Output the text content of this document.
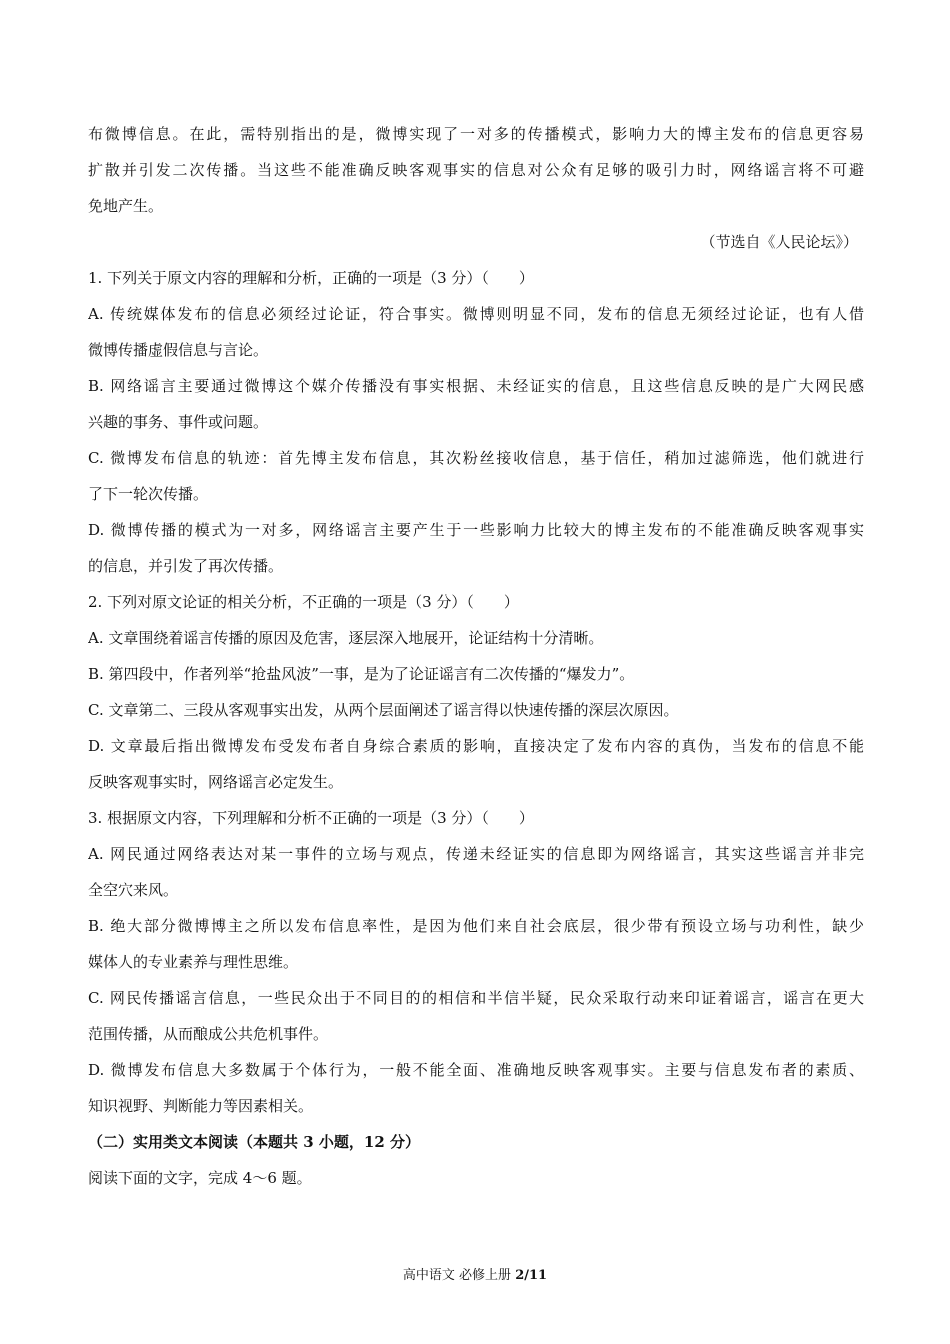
布微博信息。在此，需特别指出的是，微博实现了一对多的传播模式，影响力大的博主发布的信息更容易
扩散并引发二次传播。当这些不能准确反映客观事实的信息对公众有足够的吸引力时，网络谣言将不可避
免地产生。
（节选自《人民论坛》）
1. 下列关于原文内容的理解和分析，正确的一项是（3 分）（　　）
A. 传统媒体发布的信息必须经过论证，符合事实。微博则明显不同，发布的信息无须经过论证，也有人借
微博传播虚假信息与言论。
B. 网络谣言主要通过微博这个媒介传播没有事实根据、未经证实的信息，且这些信息反映的是广大网民感
兴趣的事务、事件或问题。
C. 微博发布信息的轨迹：首先博主发布信息，其次粉丝接收信息，基于信任，稍加过滤筛选，他们就进行
了下一轮次传播。
D. 微博传播的模式为一对多，网络谣言主要产生于一些影响力比较大的博主发布的不能准确反映客观事实
的信息，并引发了再次传播。
2. 下列对原文论证的相关分析，不正确的一项是（3 分）（　　）
A. 文章围绕着谣言传播的原因及危害，逐层深入地展开，论证结构十分清晰。
B. 第四段中，作者列举“抢盐风波”一事，是为了论证谣言有二次传播的“爆发力”。
C. 文章第二、三段从客观事实出发，从两个层面阐述了谣言得以快速传播的深层次原因。
D. 文章最后指出微博发布受发布者自身综合素质的影响，直接决定了发布内容的真伪，当发布的信息不能
反映客观事实时，网络谣言必定发生。
3. 根据原文内容，下列理解和分析不正确的一项是（3 分）（　　）
A. 网民通过网络表达对某一事件的立场与观点，传递未经证实的信息即为网络谣言，其实这些谣言并非完
全空穴来风。
B. 绝大部分微博博主之所以发布信息率性，是因为他们来自社会底层，很少带有预设立场与功利性，缺少
媒体人的专业素养与理性思维。
C. 网民传播谣言信息，一些民众出于不同目的的相信和半信半疑，民众采取行动来印证着谣言，谣言在更大
范围传播，从而酿成公共危机事件。
D. 微博发布信息大多数属于个体行为，一般不能全面、准确地反映客观事实。主要与信息发布者的素质、
知识视野、判断能力等因素相关。
（二）实用类文本阅读（本题共 3 小题，12 分）
阅读下面的文字，完成 4～6 题。
高中语文 必修上册 2/11
